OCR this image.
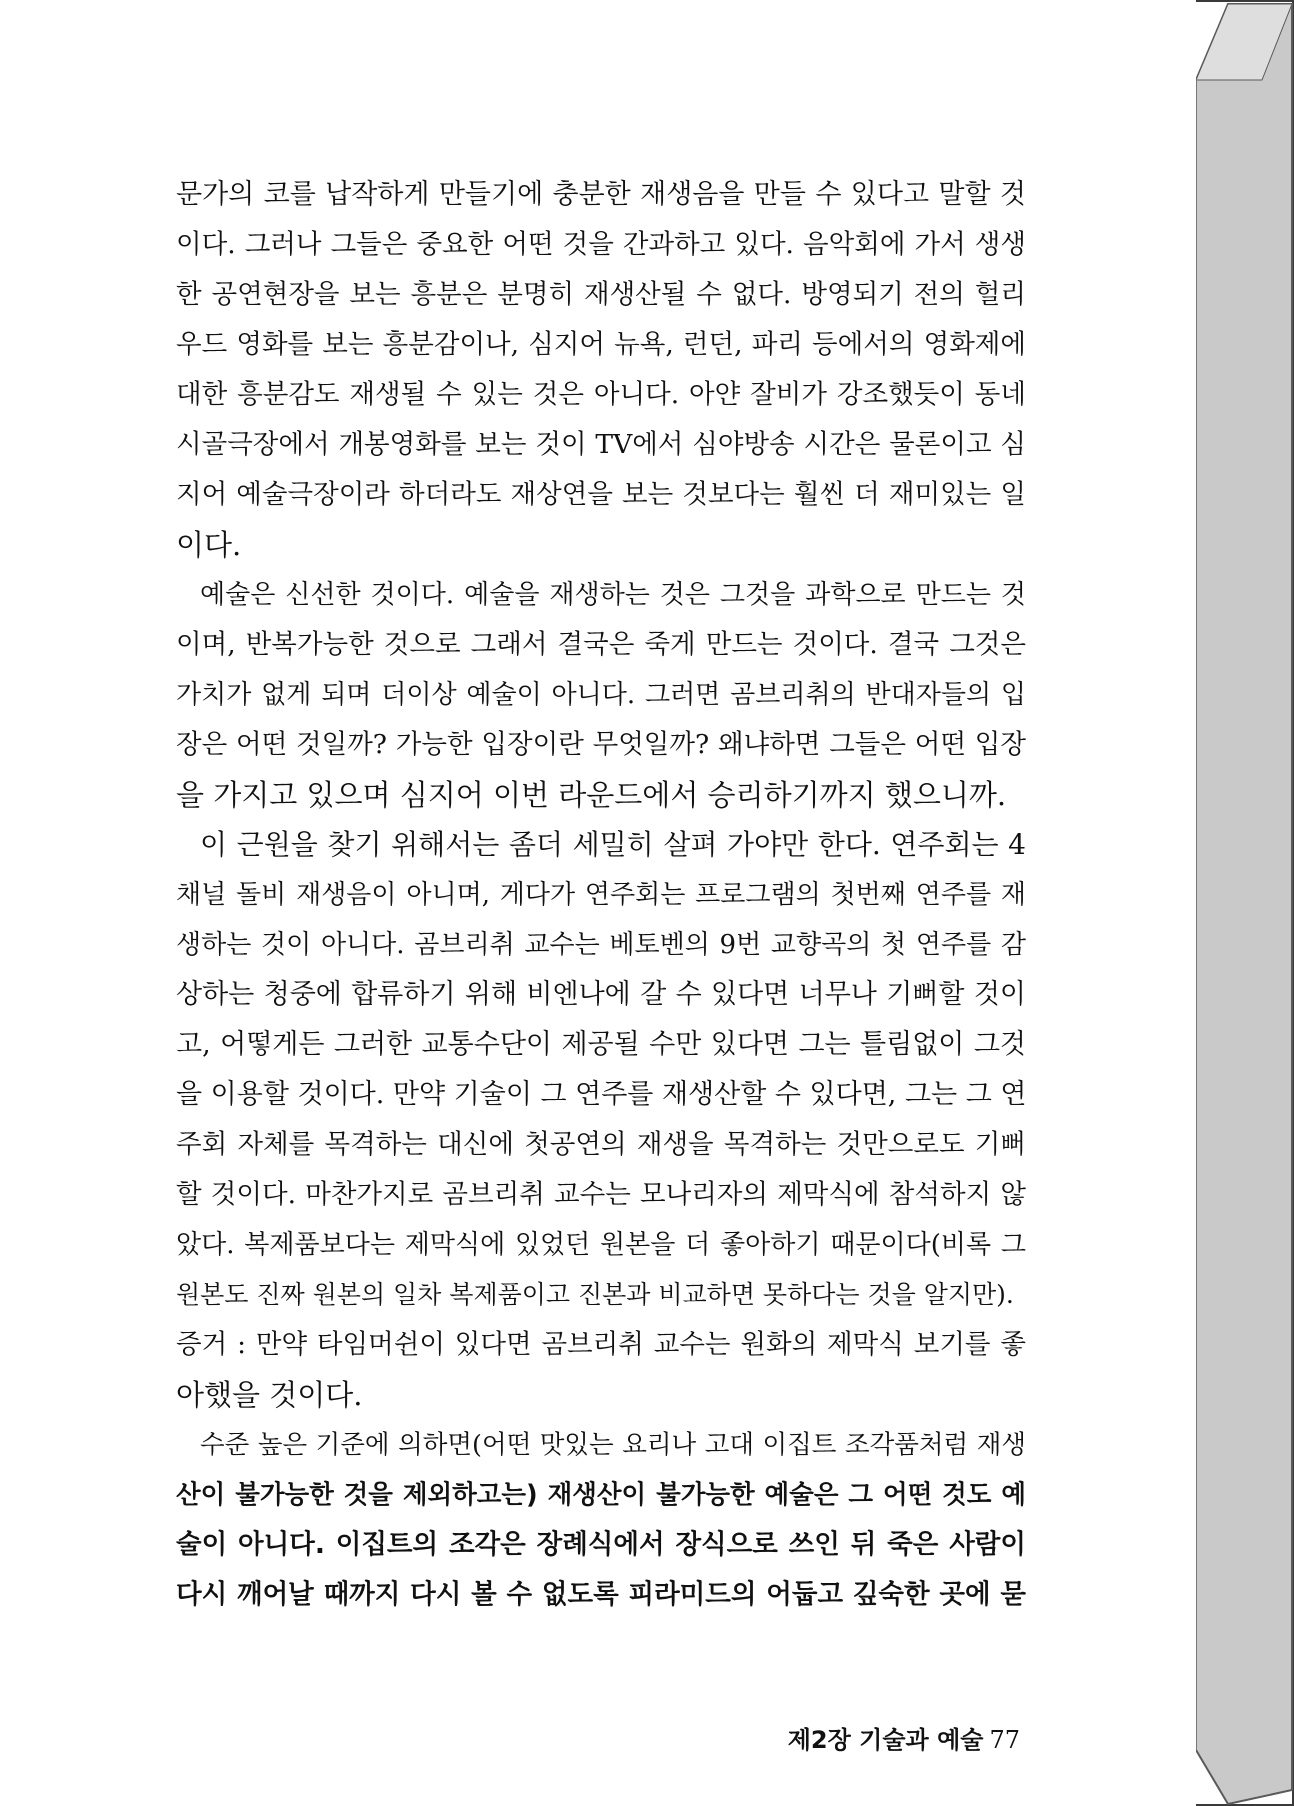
문가의 코를 납작하게 만들기에 충분한 재생음을 만들 수 있다고 말할 것
이다. 그러나 그들은 중요한 어떤 것을 간과하고 있다. 음악회에 가서 생생
한 공연현장을 보는 흥분은 분명히 재생산될 수 없다. 방영되기 전의 헐리
우드 영화를 보는 흥분감이나, 심지어 뉴욕, 런던, 파리 등에서의 영화제에
대한 흥분감도 재생될 수 있는 것은 아니다. 아얀 잘비가 강조했듯이 동네
시골극장에서 개봉영화를 보는 것이 TV에서 심야방송 시간은 물론이고 심
지어 예술극장이라 하더라도 재상연을 보는 것보다는 훨씬 더 재미있는 일
이다.
예술은 신선한 것이다. 예술을 재생하는 것은 그것을 과학으로 만드는 것
이며, 반복가능한 것으로 그래서 결국은 죽게 만드는 것이다. 결국 그것은
가치가 없게 되며 더이상 예술이 아니다. 그러면 곰브리취의 반대자들의 입
장은 어떤 것일까? 가능한 입장이란 무엇일까? 왜냐하면 그들은 어떤 입장
을 가지고 있으며 심지어 이번 라운드에서 승리하기까지 했으니까.
이 근원을 찾기 위해서는 좀더 세밀히 살펴 가야만 한다. 연주회는 4
채널 돌비 재생음이 아니며, 게다가 연주회는 프로그램의 첫번째 연주를 재
생하는 것이 아니다. 곰브리취 교수는 베토벤의 9번 교향곡의 첫 연주를 감
상하는 청중에 합류하기 위해 비엔나에 갈 수 있다면 너무나 기뻐할 것이
고, 어떻게든 그러한 교통수단이 제공될 수만 있다면 그는 틀림없이 그것
을 이용할 것이다. 만약 기술이 그 연주를 재생산할 수 있다면, 그는 그 연
주회 자체를 목격하는 대신에 첫공연의 재생을 목격하는 것만으로도 기뻐
할 것이다. 마찬가지로 곰브리취 교수는 모나리자의 제막식에 참석하지 않
았다. 복제품보다는 제막식에 있었던 원본을 더 좋아하기 때문이다(비록 그
원본도 진짜 원본의 일차 복제품이고 진본과 비교하면 못하다는 것을 알지만).
증거 : 만약 타임머쉰이 있다면 곰브리취 교수는 원화의 제막식 보기를 좋
아했을 것이다.
수준 높은 기준에 의하면(어떤 맛있는 요리나 고대 이집트 조각품처럼 재생
산이 불가능한 것을 제외하고는) 재생산이 불가능한 예술은 그 어떤 것도 예
술이 아니다. 이집트의 조각은 장례식에서 장식으로 쓰인 뒤 죽은 사람이
다시 깨어날 때까지 다시 볼 수 없도록 피라미드의 어둡고 깊숙한 곳에 묻
제2장 기술과 예술 77
